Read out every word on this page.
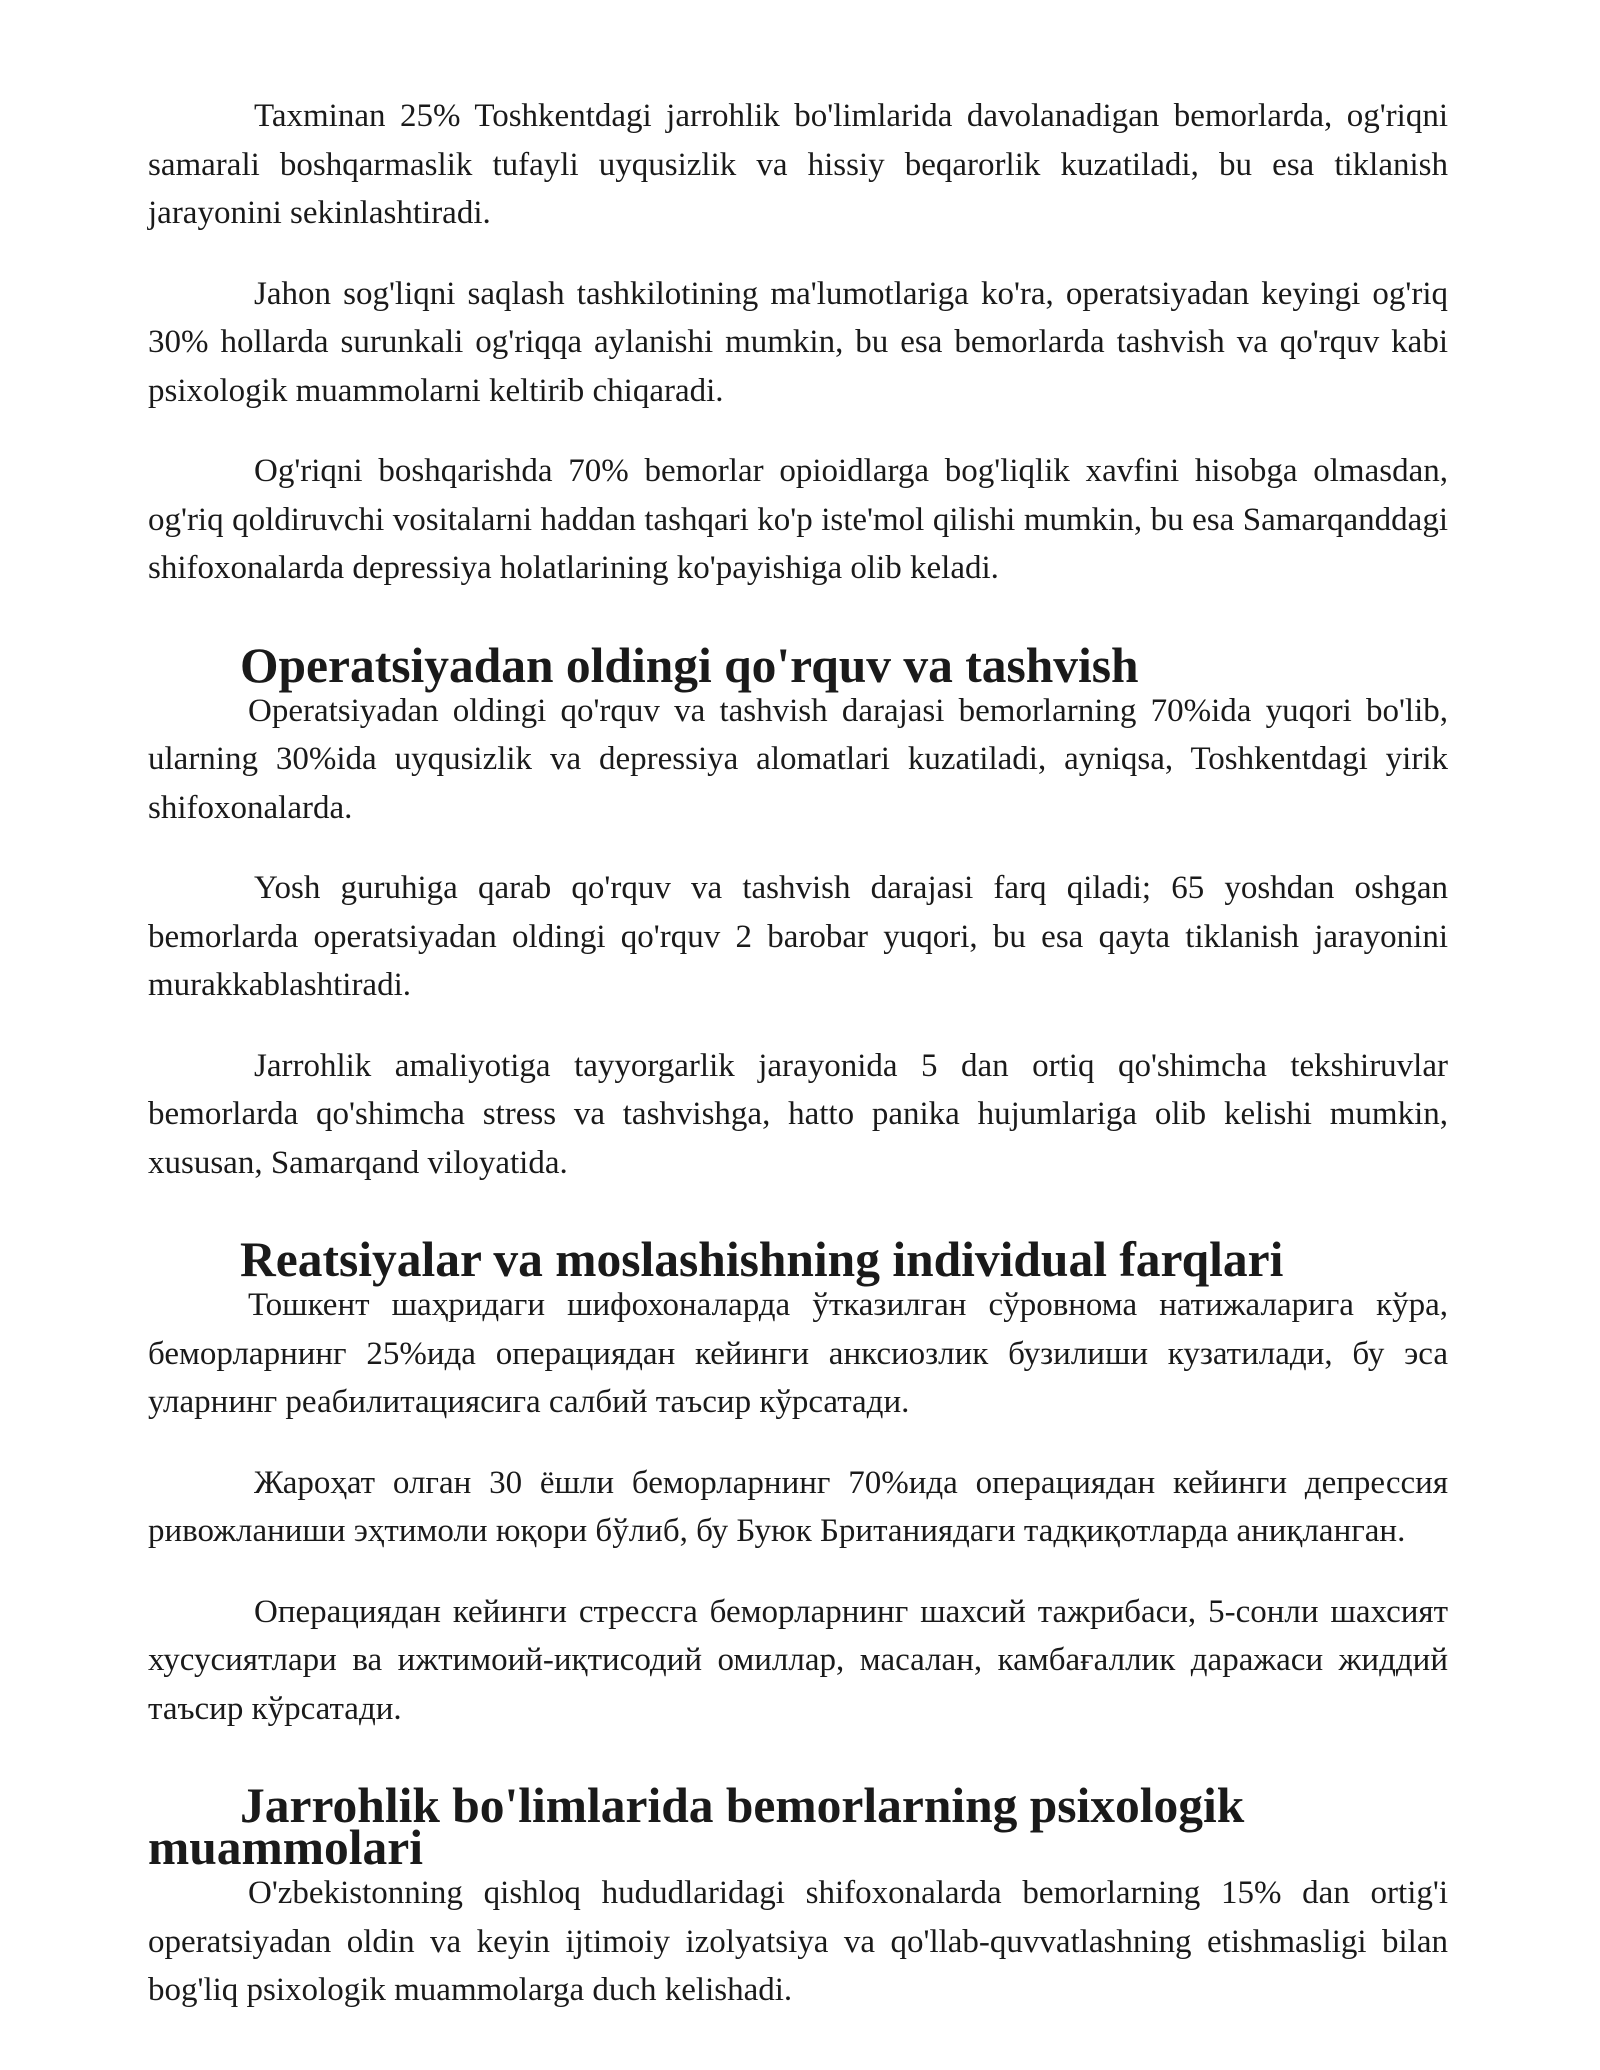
Taxminan 25% Toshkentdagi jarrohlik bo'limlarida davolanadigan bemorlarda, og'riqni samarali boshqarmaslik tufayli uyqusizlik va hissiy beqarorlik kuzatiladi, bu esa tiklanish jarayonini sekinlashtiradi.

Jahon sog'liqni saqlash tashkilotining ma'lumotlariga ko'ra, operatsiyadan keyingi og'riq 30% hollarda surunkali og'riqqa aylanishi mumkin, bu esa bemorlarda tashvish va qo'rquv kabi psixologik muammolarni keltirib chiqaradi.

Og'riqni boshqarishda 70% bemorlar opioidlarga bog'liqlik xavfini hisobga olmasdan, og'riq qoldiruvchi vositalarni haddan tashqari ko'p iste'mol qilishi mumkin, bu esa Samarqanddagi shifoxonalarda depressiya holatlarining ko'payishiga olib keladi.

Operatsiyadan oldingi qo'rquv va tashvish

Operatsiyadan oldingi qo'rquv va tashvish darajasi bemorlarning 70%ida yuqori bo'lib, ularning 30%ida uyqusizlik va depressiya alomatlari kuzatiladi, ayniqsa, Toshkentdagi yirik shifoxonalarda.

Yosh guruhiga qarab qo'rquv va tashvish darajasi farq qiladi; 65 yoshdan oshgan bemorlarda operatsiyadan oldingi qo'rquv 2 barobar yuqori, bu esa qayta tiklanish jarayonini murakkablashtiradi.

Jarrohlik amaliyotiga tayyorgarlik jarayonida 5 dan ortiq qo'shimcha tekshiruvlar bemorlarda qo'shimcha stress va tashvishga, hatto panika hujumlariga olib kelishi mumkin, xususan, Samarqand viloyatida.

Reatsiyalar va moslashishning individual farqlari

Тошкент шаҳридаги шифохоналарда ўтказилган сўровнома натижаларига кўра, беморларнинг 25%ида операциядан кейинги анксиозлик бузилиши кузатилади, бу эса уларнинг реабилитациясига салбий таъсир кўрсатади.

Жароҳат олган 30 ёшли беморларнинг 70%ида операциядан кейинги депрессия ривожланиши эҳтимоли юқори бўлиб, бу Буюк Британиядаги тадқиқотларда аниқланган.

Операциядан кейинги стрессга беморларнинг шахсий тажрибаси, 5-сонли шахсият хусусиятлари ва ижтимоий-иқтисодий омиллар, масалан, камбағаллик даражаси жиддий таъсир кўрсатади.

Jarrohlik bo'limlarida bemorlarning psixologik muammolari

O'zbekistonning qishloq hududlaridagi shifoxonalarda bemorlarning 15% dan ortig'i operatsiyadan oldin va keyin ijtimoiy izolyatsiya va qo'llab-quvvatlashning etishmasligi bilan bog'liq psixologik muammolarga duch kelishadi.
